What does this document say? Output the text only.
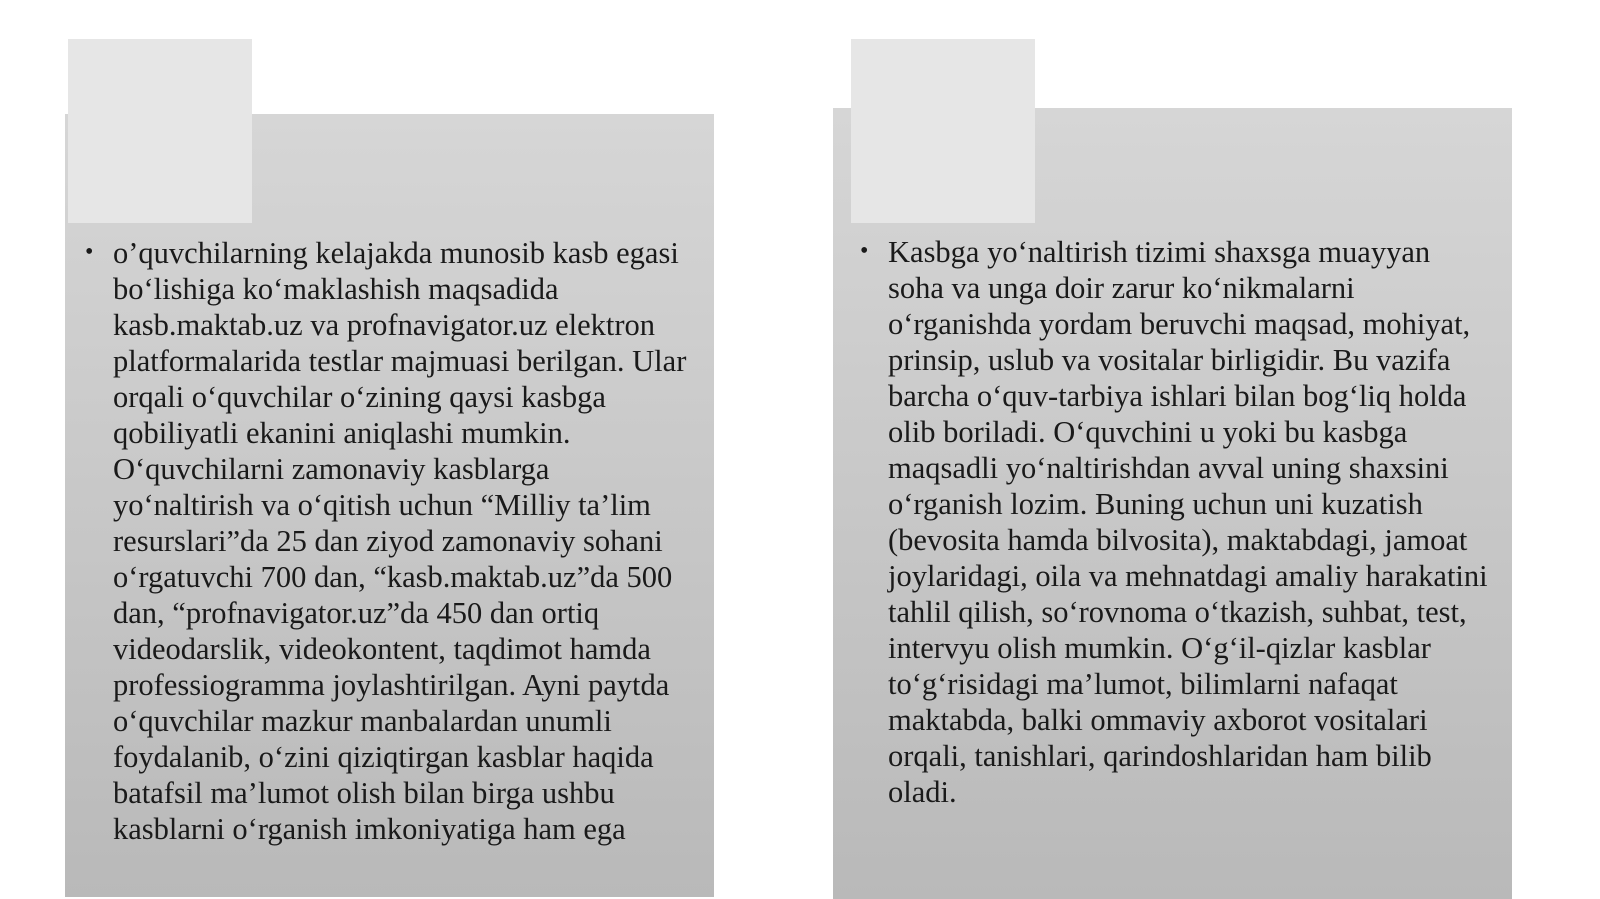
• o’quvchilarning kelajakda munosib kasb egasi bo‘lishiga ko‘maklashish maqsadida kasb.maktab.uz va profnavigator.uz elektron platformalarida testlar majmuasi berilgan. Ular orqali o‘quvchilar o‘zining qaysi kasbga qobiliyatli ekanini aniqlashi mumkin. O‘quvchilarni zamonaviy kasblarga yo‘naltirish va o‘qitish uchun “Milliy ta’lim resurslari”da 25 dan ziyod zamonaviy sohani o‘rgatuvchi 700 dan, “kasb.maktab.uz”da 500 dan, “profnavigator.uz”da 450 dan ortiq videodarslik, videokontent, taqdimot hamda professiogramma joylashtirilgan. Ayni paytda o‘quvchilar mazkur manbalardan unumli foydalanib, o‘zini qiziqtirgan kasblar haqida batafsil ma’lumot olish bilan birga ushbu kasblarni o‘rganish imkoniyatiga ham ega
• Kasbga yo‘naltirish tizimi shaxsga muayyan soha va unga doir zarur ko‘nikmalarni o‘rganishda yordam beruvchi maqsad, mohiyat, prinsip, uslub va vositalar birligidir. Bu vazifa barcha o‘quv-tarbiya ishlari bilan bog‘liq holda olib boriladi. O‘quvchini u yoki bu kasbga maqsadli yo‘naltirishdan avval uning shaxsini o‘rganish lozim. Buning uchun uni kuzatish (bevosita hamda bilvosita), maktabdagi, jamoat joylaridagi, oila va mehnatdagi amaliy harakatini tahlil qilish, so‘rovnoma o‘tkazish, suhbat, test, intervyu olish mumkin. O‘g‘il-qizlar kasblar to‘g‘risidagi ma’lumot, bilimlarni nafaqat maktabda, balki ommaviy axborot vositalari orqali, tanishlari, qarindoshlaridan ham bilib oladi.
